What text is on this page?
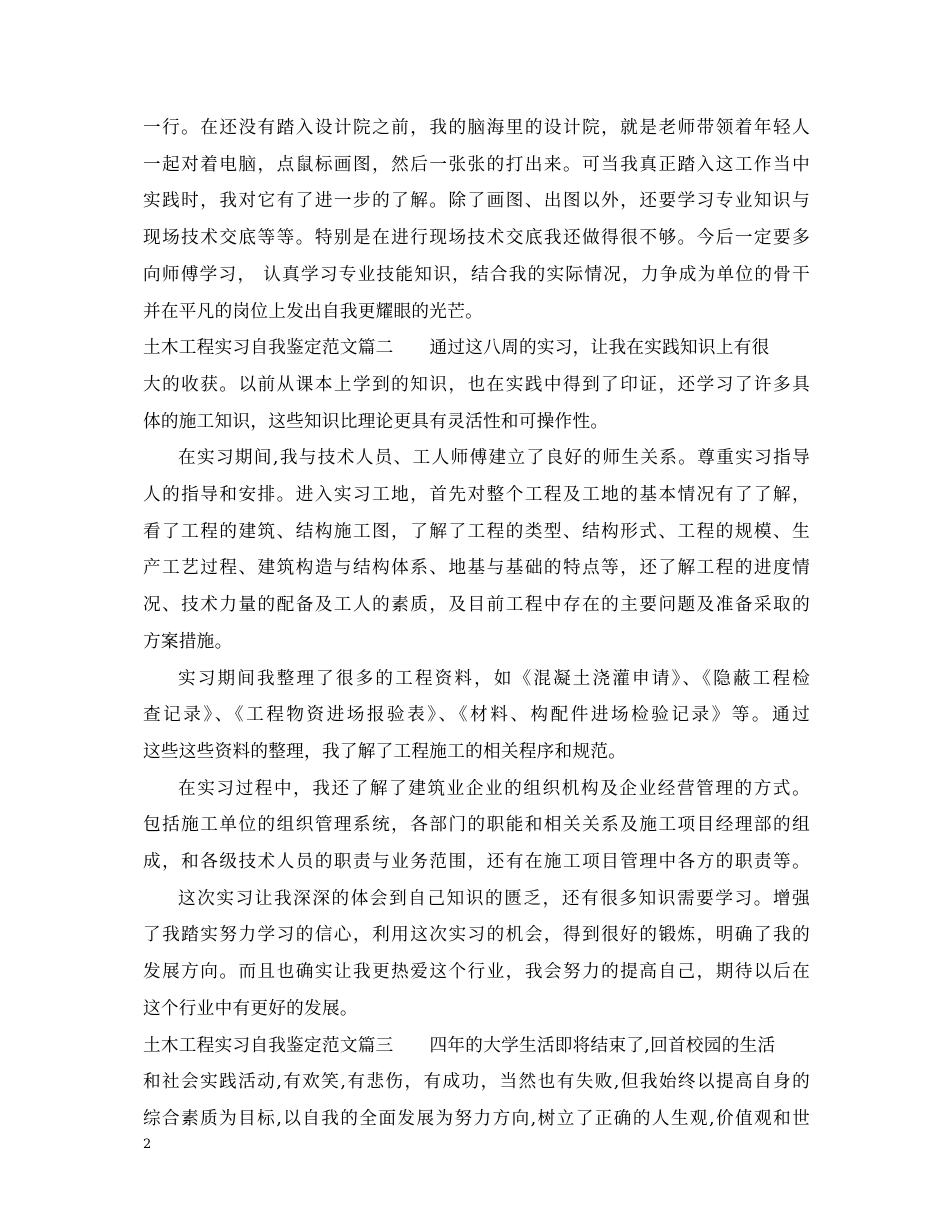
一行。在还没有踏入设计院之前，我的脑海里的设计院，就是老师带领着年轻人
一起对着电脑，点鼠标画图，然后一张张的打出来。可当我真正踏入这工作当中
实践时，我对它有了进一步的了解。除了画图、出图以外，还要学习专业知识与
现场技术交底等等。特别是在进行现场技术交底我还做得很不够。今后一定要多
向师傅学习， 认真学习专业技能知识，结合我的实际情况，力争成为单位的骨干
并在平凡的岗位上发出自我更耀眼的光芒。
土木工程实习自我鉴定范文篇二 通过这八周的实习，让我在实践知识上有很
大的收获。以前从课本上学到的知识，也在实践中得到了印证，还学习了许多具
体的施工知识，这些知识比理论更具有灵活性和可操作性。
在实习期间,我与技术人员、工人师傅建立了良好的师生关系。尊重实习指导
人的指导和安排。进入实习工地，首先对整个工程及工地的基本情况有了了解，
看了工程的建筑、结构施工图，了解了工程的类型、结构形式、工程的规模、生
产工艺过程、建筑构造与结构体系、地基与基础的特点等，还了解工程的进度情
况、技术力量的配备及工人的素质，及目前工程中存在的主要问题及准备采取的
方案措施。
实习期间我整理了很多的工程资料，如《混凝土浇灌申请》、《隐蔽工程检
查记录》、《工程物资进场报验表》、《材料、构配件进场检验记录》等。通过
这些这些资料的整理，我了解了工程施工的相关程序和规范。
在实习过程中，我还了解了建筑业企业的组织机构及企业经营管理的方式。
包括施工单位的组织管理系统，各部门的职能和相关关系及施工项目经理部的组
成，和各级技术人员的职责与业务范围，还有在施工项目管理中各方的职责等。
这次实习让我深深的体会到自己知识的匮乏，还有很多知识需要学习。增强
了我踏实努力学习的信心，利用这次实习的机会，得到很好的锻炼，明确了我的
发展方向。而且也确实让我更热爱这个行业，我会努力的提高自己，期待以后在
这个行业中有更好的发展。
土木工程实习自我鉴定范文篇三 四年的大学生活即将结束了,回首校园的生活
和社会实践活动,有欢笑,有悲伤，有成功，当然也有失败,但我始终以提高自身的
综合素质为目标,以自我的全面发展为努力方向,树立了正确的人生观,价值观和世
2
